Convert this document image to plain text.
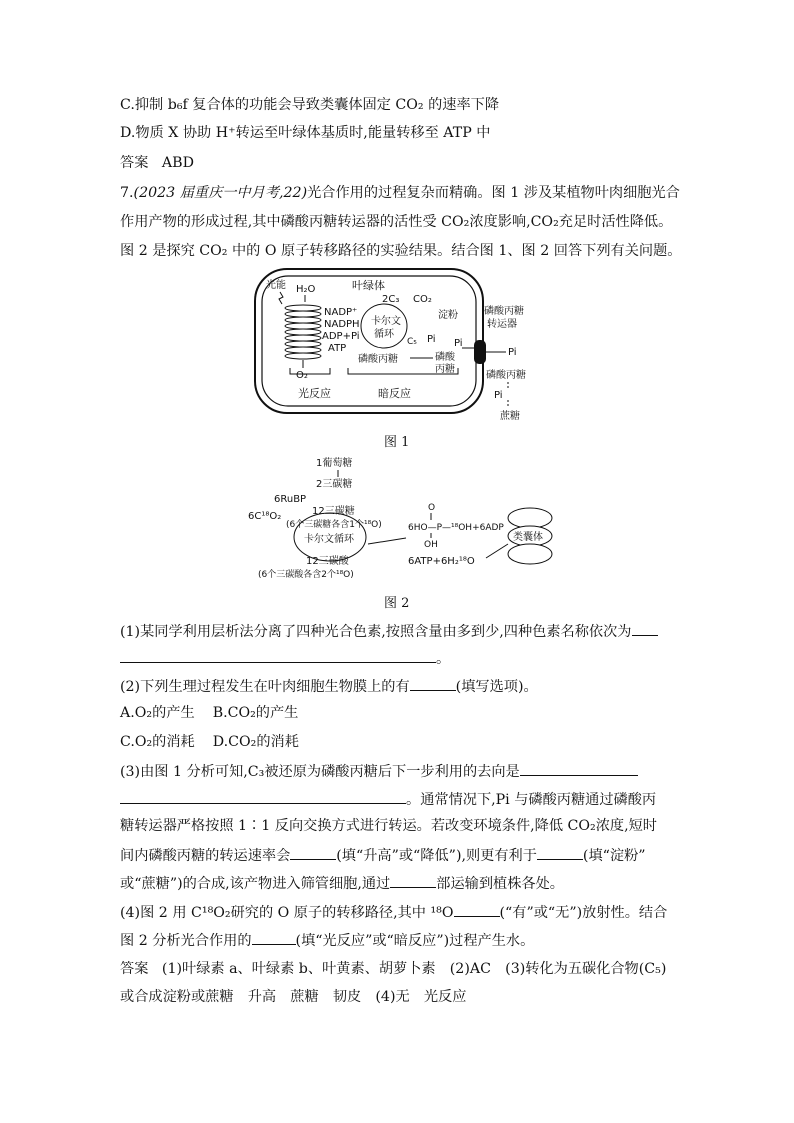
C.抑制 b₆f 复合体的功能会导致类囊体固定 CO₂ 的速率下降
D.物质 X 协助 H⁺转运至叶绿体基质时,能量转移至 ATP 中
答案 ABD
7.(2023 届重庆一中月考,22)光合作用的过程复杂而精确。图 1 涉及某植物叶肉细胞光合
作用产物的形成过程,其中磷酸丙糖转运器的活性受 CO₂浓度影响,CO₂充足时活性降低。
图 2 是探究 CO₂ 中的 O 原子转移路径的实验结果。结合图 1、图 2 回答下列有关问题。
叶绿体
光能 H₂O
O₂
NADP⁺
NADPH
ADP+Pi
ATP
卡尔文
循环
2C₃ CO₂
C₅
淀粉
Pi Pi
磷酸丙糖	磷酸
丙糖
磷酸丙糖
转运器
Pi
磷酸丙糖
Pi
蔗糖
光反应	暗反应
图 1
1葡萄糖
2三碳糖
6RuBP
6C¹⁸O₂	12三碳糖
(6个三碳糖各含1个¹⁸O)
卡尔文循环
12三碳酸
(6个三碳酸各含2个¹⁸O)
O
6HO—P—¹⁸OH+6ADP
OH
类囊体
6ATP+6H₂¹⁸O
图 2
(1)某同学利用层析法分离了四种光合色素,按照含量由多到少,四种色素名称依次为
。
(2)下列生理过程发生在叶肉细胞生物膜上的有	(填写选项)。
A.O₂的产生 B.CO₂的产生
C.O₂的消耗 D.CO₂的消耗
(3)由图 1 分析可知,C₃被还原为磷酸丙糖后下一步利用的去向是
。通常情况下,Pi 与磷酸丙糖通过磷酸丙
糖转运器严格按照 1∶1 反向交换方式进行转运。若改变环境条件,降低 CO₂浓度,短时
间内磷酸丙糖的转运速率会	(填“升高”或“降低”),则更有利于	(填“淀粉”
或“蔗糖”)的合成,该产物进入筛管细胞,通过	部运输到植株各处。
(4)图 2 用 C¹⁸O₂研究的 O 原子的转移路径,其中 ¹⁸O	(“有”或“无”)放射性。结合
图 2 分析光合作用的	(填“光反应”或“暗反应”)过程产生水。
答案 (1)叶绿素 a、叶绿素 b、叶黄素、胡萝卜素　(2)AC　(3)转化为五碳化合物(C₅)
或合成淀粉或蔗糖　升高　蔗糖　韧皮　(4)无　光反应
